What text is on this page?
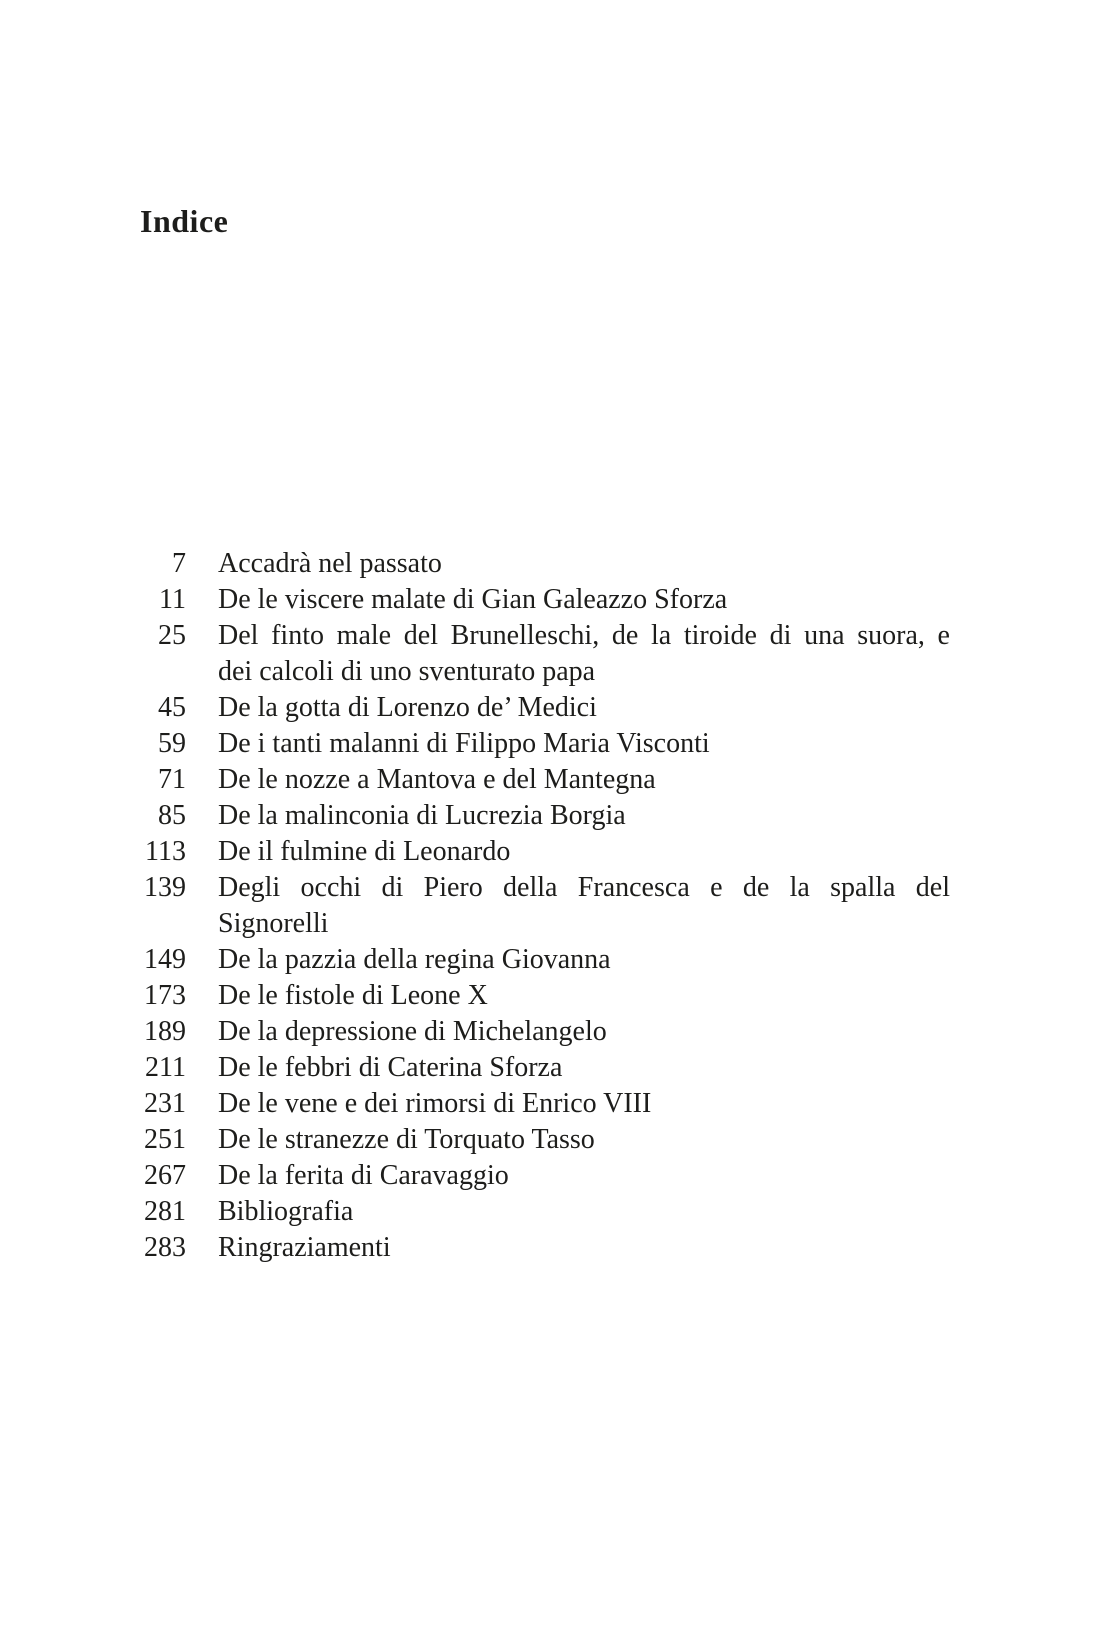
Indice
7 Accadrà nel passato
11 De le viscere malate di Gian Galeazzo Sforza
25 Del finto male del Brunelleschi, de la tiroide di una suora, e
dei calcoli di uno sventurato papa
45 De la gotta di Lorenzo de’ Medici
59 De i tanti malanni di Filippo Maria Visconti
71 De le nozze a Mantova e del Mantegna
85 De la malinconia di Lucrezia Borgia
113 De il fulmine di Leonardo
139 Degli occhi di Piero della Francesca e de la spalla del
Signorelli
149 De la pazzia della regina Giovanna
173 De le fistole di Leone X
189 De la depressione di Michelangelo
211 De le febbri di Caterina Sforza
231 De le vene e dei rimorsi di Enrico VIII
251 De le stranezze di Torquato Tasso
267 De la ferita di Caravaggio
281 Bibliografia
283 Ringraziamenti
